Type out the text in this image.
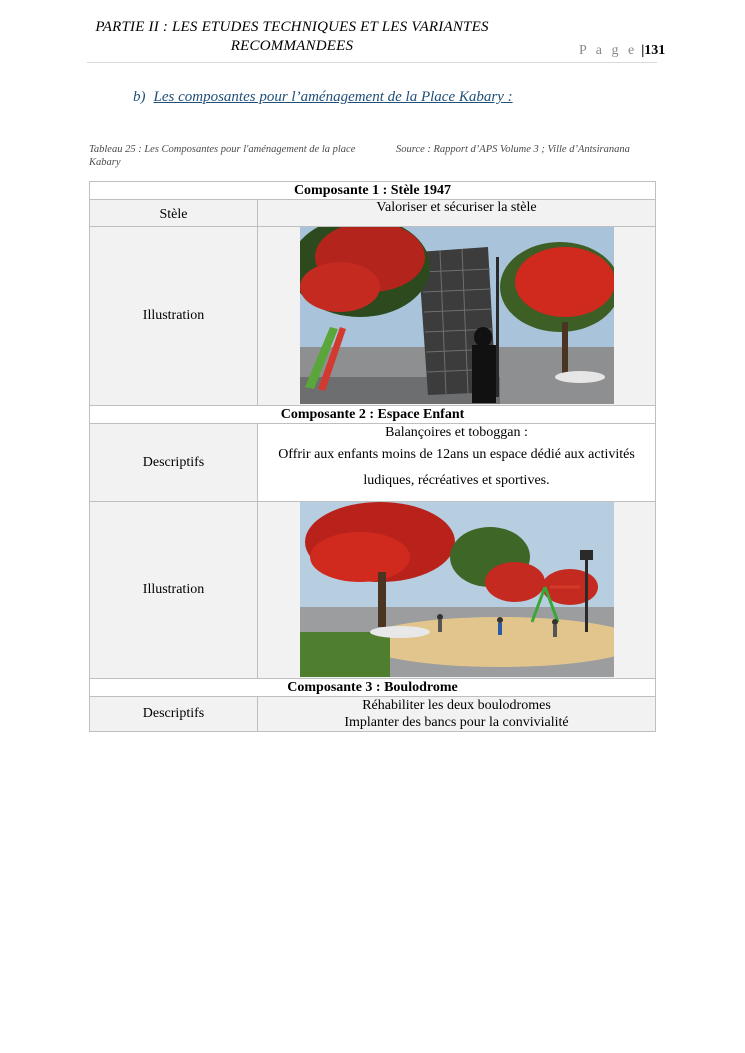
PARTIE II : LES ETUDES TECHNIQUES ET LES VARIANTES
RECOMMANDEES	P a g e |131
b) Les composantes pour l’aménagement de la Place Kabary :
Tableau 25 : Les Composantes pour l'aménagement de la place Kabary
Source : Rapport d’APS Volume 3 ; Ville d’Antsiranana
Composante 1 : Stèle 1947	
Stèle	Valoriser et sécuriser la stèle
Illustration	

Composante 2 : Espace Enfant	
Descriptifs	Balançoires et toboggan :

Offrir aux enfants moins de 12ans un espace dédié aux activités

ludiques, récréatives et sportives.

Illustration	

Composante 3 : Boulodrome	
Descriptifs	Réhabiliter les deux boulodromes

Implanter des bancs pour la convivialité
